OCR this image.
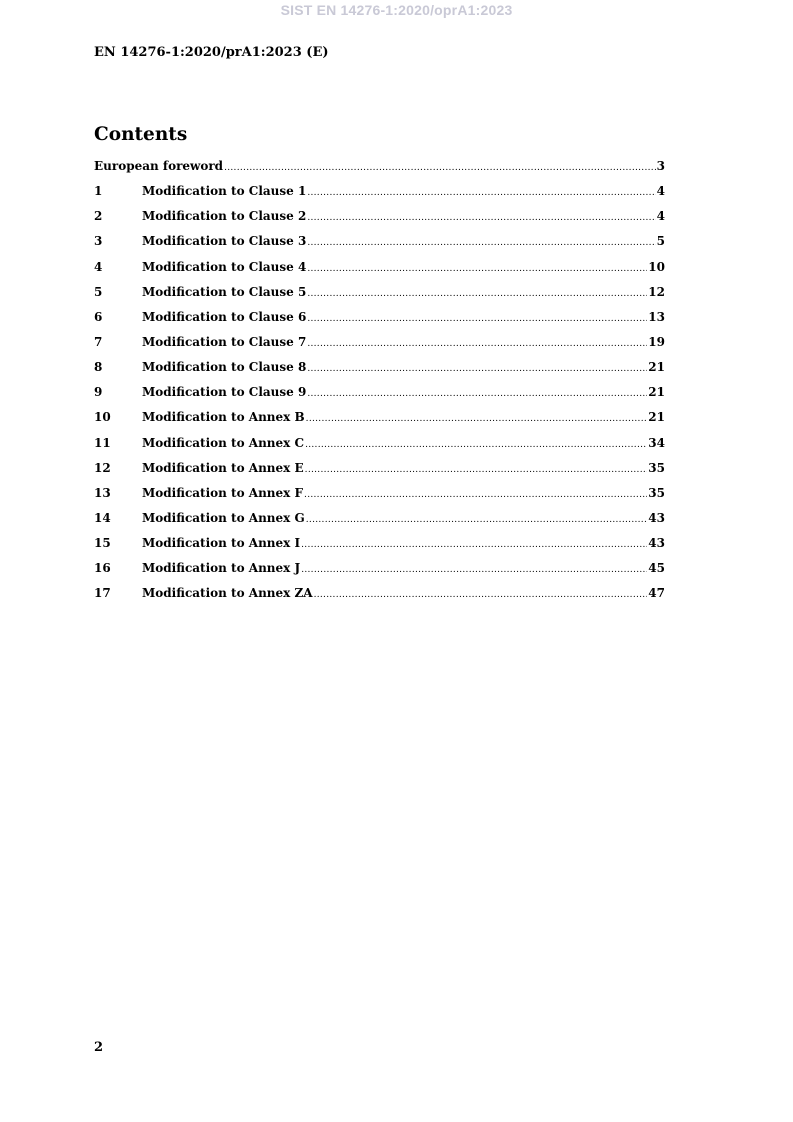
SIST EN 14276-1:2020/oprA1:2023
EN 14276-1:2020/prA1:2023 (E)
Contents
European foreword .....	3
1	Modification to Clause 1 .....	4
2	Modification to Clause 2 .....	4
3	Modification to Clause 3 .....	5
4	Modification to Clause 4 .....	10
5	Modification to Clause 5 .....	12
6	Modification to Clause 6 .....	13
7	Modification to Clause 7 .....	19
8	Modification to Clause 8 .....	21
9	Modification to Clause 9 .....	21
10	Modification to Annex B .....	21
11	Modification to Annex C .....	34
12	Modification to Annex E .....	35
13	Modification to Annex F .....	35
14	Modification to Annex G .....	43
15	Modification to Annex I .....	43
16	Modification to Annex J .....	45
17	Modification to Annex ZA .....	47
2
